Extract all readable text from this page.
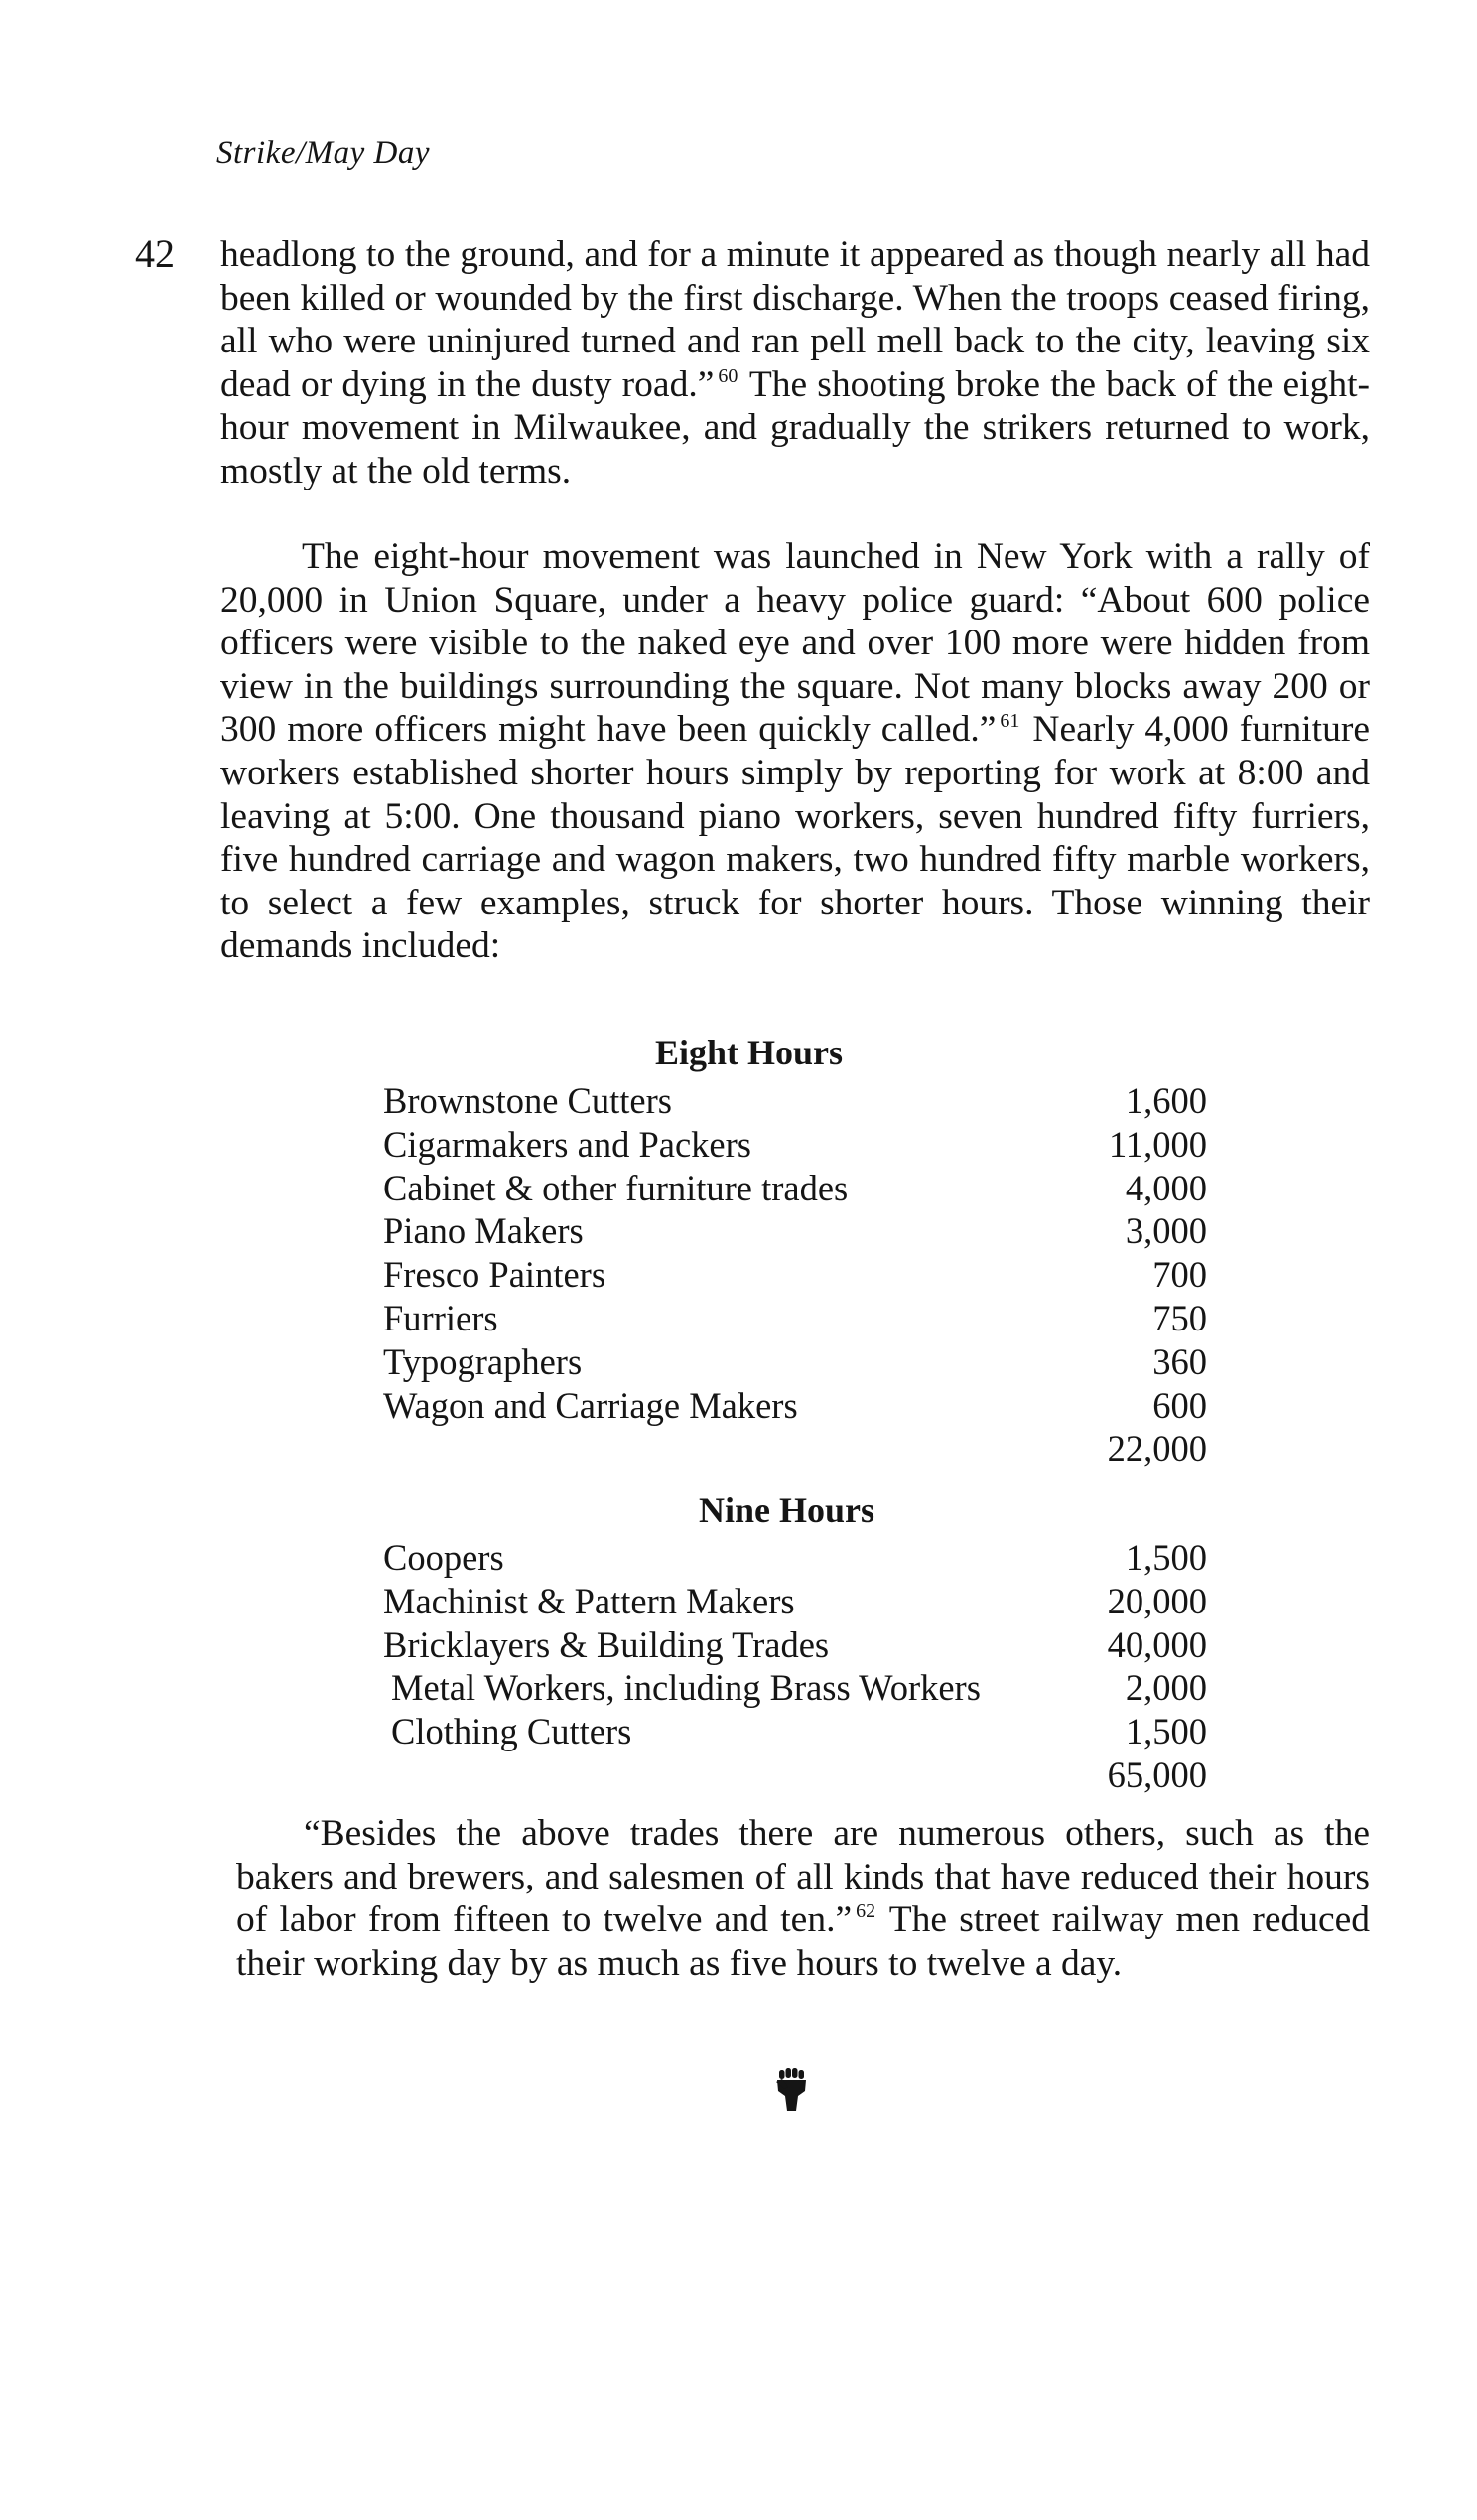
Strike/May Day
42 headlong to the ground, and for a minute it appeared as though nearly all had been killed or wounded by the first discharge. When the troops ceased firing, all who were uninjured turned and ran pell mell back to the city, leaving six dead or dying in the dusty road.” $^{60}$ The shooting broke the back of the eight-hour movement in Milwaukee, and gradually the strikers returned to work, mostly at the old terms.

The eight-hour movement was launched in New York with a rally of 20,000 in Union Square, under a heavy police guard: “About 600 police officers were visible to the naked eye and over 100 more were hidden from view in the buildings surrounding the square. Not many blocks away 200 or 300 more officers might have been quickly called.” $^{61}$ Nearly 4,000 furniture workers established shorter hours simply by reporting for work at 8:00 and leaving at 5:00. One thousand piano workers, seven hundred fifty furriers, five hundred carriage and wagon makers, two hundred fifty marble workers, to select a few examples, struck for shorter hours. Those winning their demands included:

Eight Hours
Brownstone Cutters	1,600
Cigarmakers and Packers	11,000
Cabinet & other furniture trades	4,000
Piano Makers	3,000
Fresco Painters	700
Furriers	750
Typographers	360
Wagon and Carriage Makers	600
22,000
Nine Hours
Coopers	1,500
Machinist & Pattern Makers	20,000
Bricklayers & Building Trades	40,000
Metal Workers, including Brass Workers	2,000
Clothing Cutters	1,500
65,000

“Besides the above trades there are numerous others, such as the bakers and brewers, and salesmen of all kinds that have reduced their hours of labor from fifteen to twelve and ten.” $^{62}$ The street railway men reduced their working day by as much as five hours to twelve a day.
